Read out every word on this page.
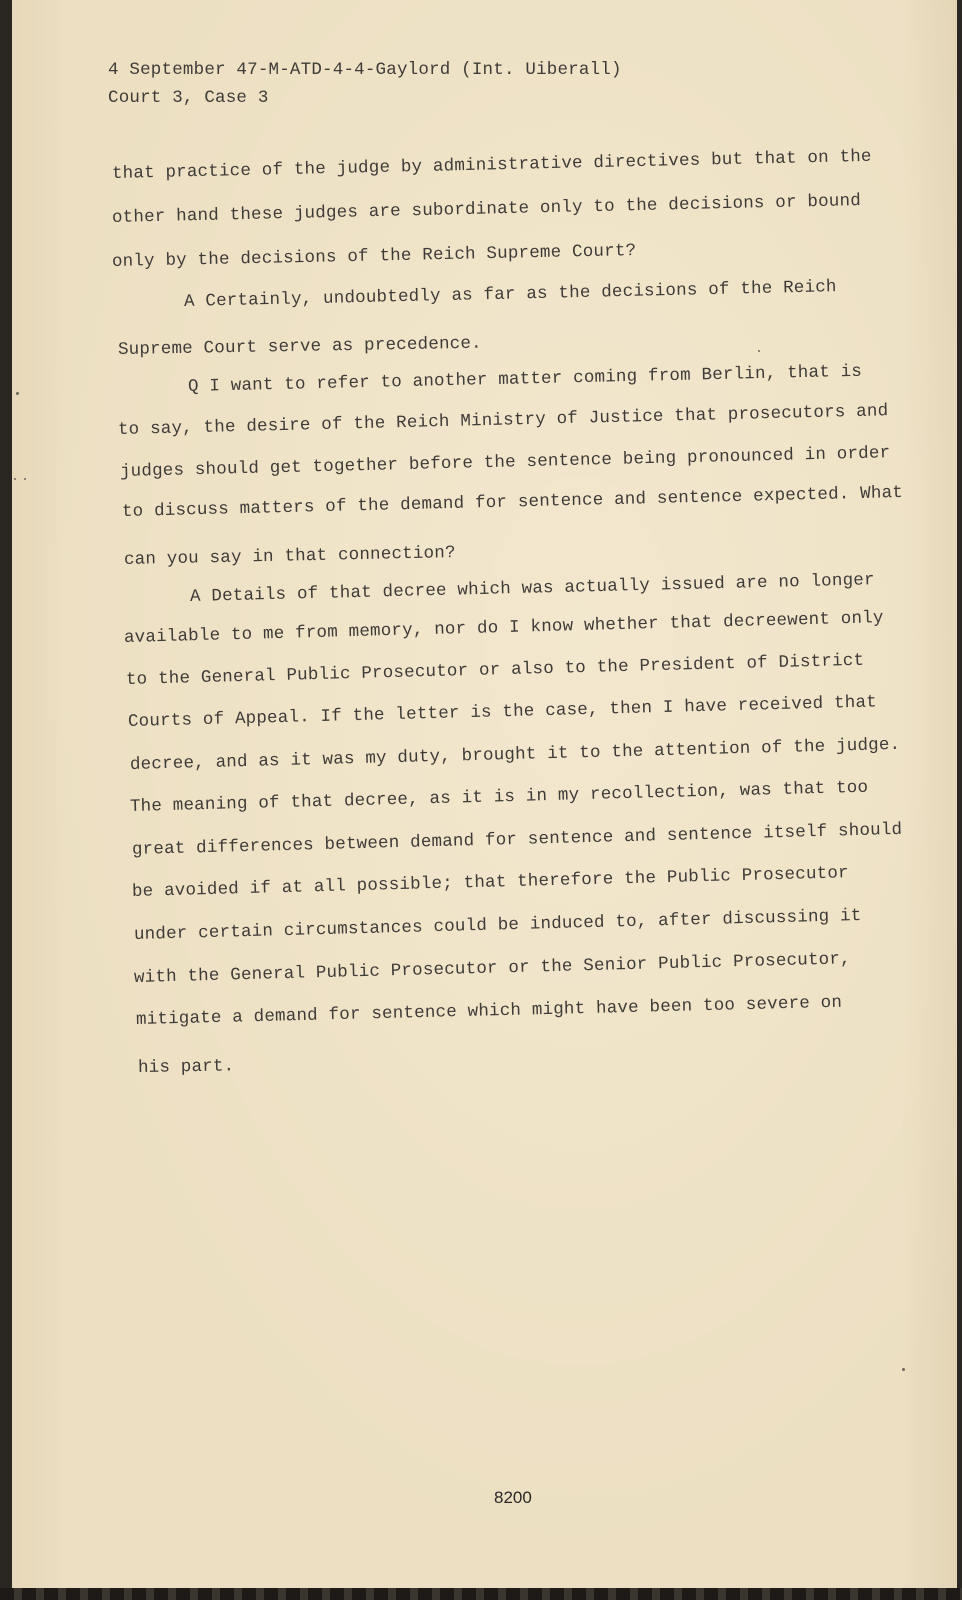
4 September 47-M-ATD-4-4-Gaylord (Int. Uiberall)
Court 3, Case 3
that practice of the judge by administrative directives but that on the
other hand these judges are subordinate only to the decisions or bound
only by the decisions of the Reich Supreme Court?
A Certainly, undoubtedly as far as the decisions of the Reich
Supreme Court serve as precedence.
Q I want to refer to another matter coming from Berlin, that is
to say, the desire of the Reich Ministry of Justice that prosecutors and
judges should get together before the sentence being pronounced in order
to discuss matters of the demand for sentence and sentence expected. What
can you say in that connection?
A Details of that decree which was actually issued are no longer
available to me from memory, nor do I know whether that decreewent only
to the General Public Prosecutor or also to the President of District
Courts of Appeal. If the letter is the case, then I have received that
decree, and as it was my duty, brought it to the attention of the judge.
The meaning of that decree, as it is in my recollection, was that too
great differences between demand for sentence and sentence itself should
be avoided if at all possible; that therefore the Public Prosecutor
under certain circumstances could be induced to, after discussing it
with the General Public Prosecutor or the Senior Public Prosecutor,
mitigate a demand for sentence which might have been too severe on
his part.
8200
